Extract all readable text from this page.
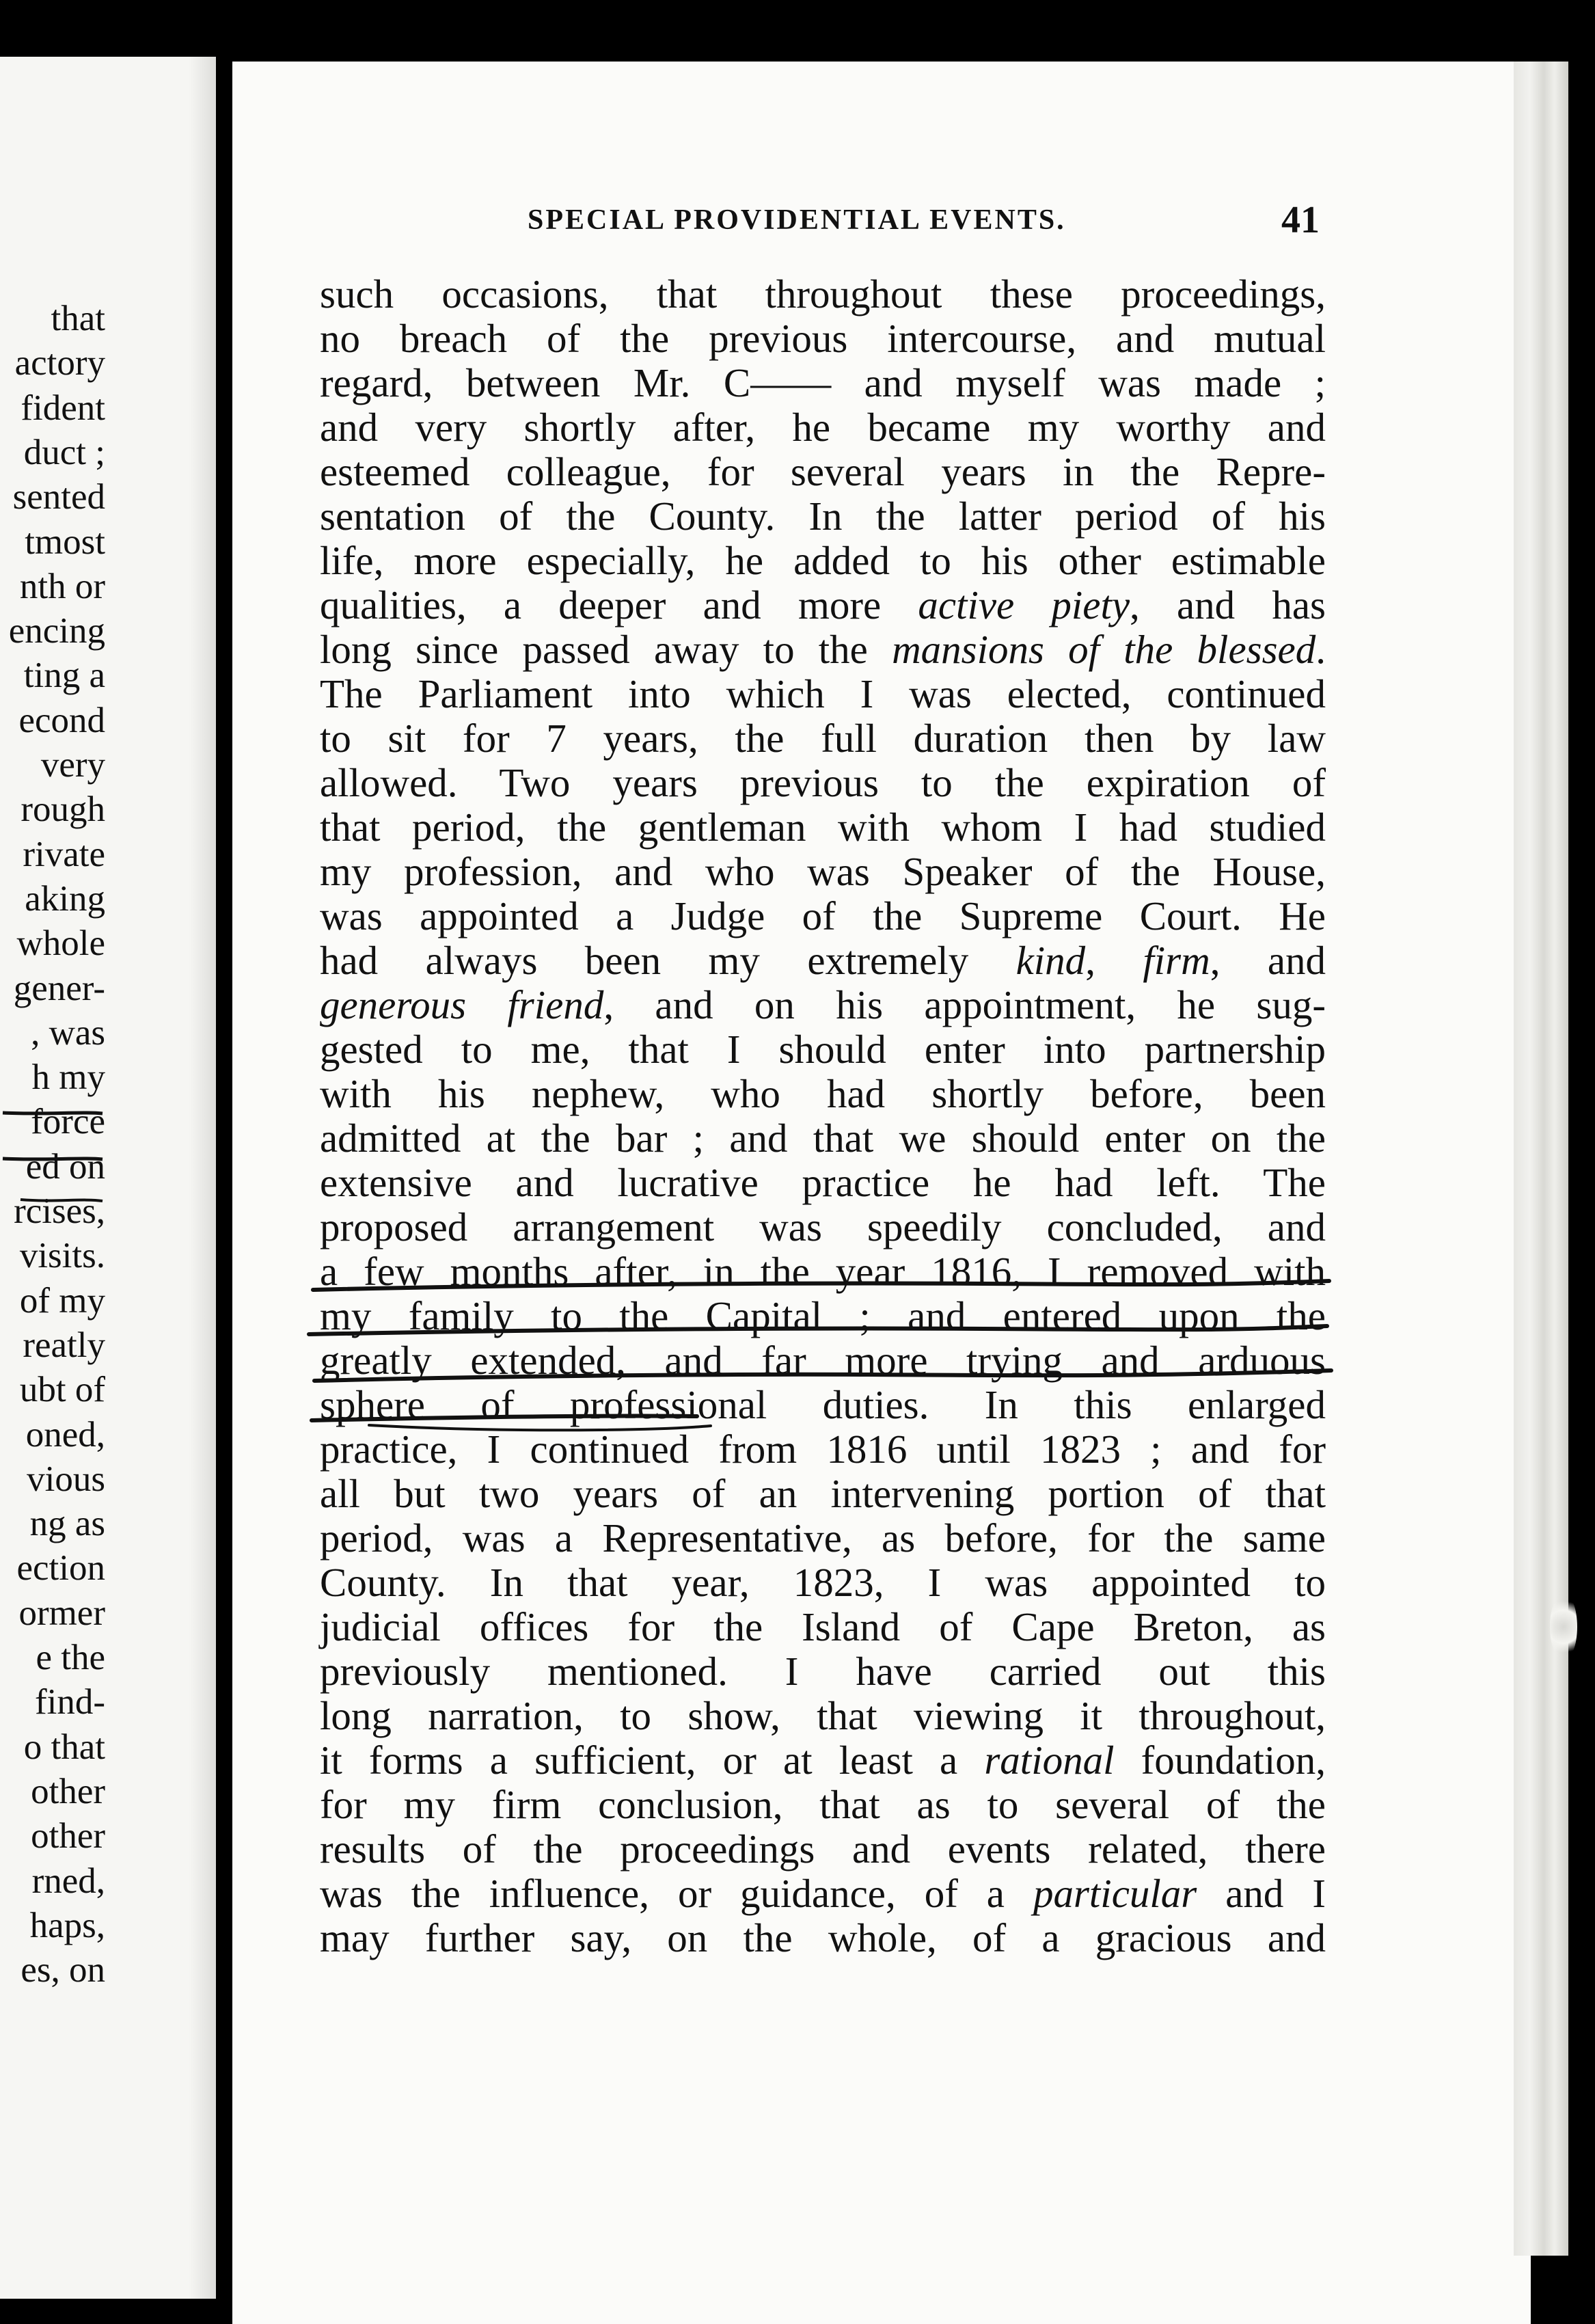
that
actory
fident
duct ;
sented
tmost
nth or
encing
ting a
econd
very
rough
rivate
aking
whole
gener-
, was
h my
force
ed on
rcises,
visits.
of my
reatly
ubt of
oned,
vious
ng as
ection
ormer
e the
find-
o that
other
other
rned,
haps,
es, on
SPECIAL PROVIDENTIAL EVENTS.	41
such occasions, that throughout these proceedings,
no breach of the previous intercourse, and mutual
regard, between Mr. C—— and myself was made ;
and very shortly after, he became my worthy and
esteemed colleague, for several years in the Repre-
sentation of the County. In the latter period of his
life, more especially, he added to his other estimable
qualities, a deeper and more active piety, and has
long since passed away to the mansions of the blessed.
The Parliament into which I was elected, continued
to sit for 7 years, the full duration then by law
allowed. Two years previous to the expiration of
that period, the gentleman with whom I had studied
my profession, and who was Speaker of the House,
was appointed a Judge of the Supreme Court. He
had always been my extremely kind, firm, and
generous friend, and on his appointment, he sug-
gested to me, that I should enter into partnership
with his nephew, who had shortly before, been
admitted at the bar ; and that we should enter on the
extensive and lucrative practice he had left. The
proposed arrangement was speedily concluded, and
a few months after, in the year 1816, I removed with
my family to the Capital ; and entered upon the
greatly extended, and far more trying and arduous
sphere of professional duties. In this enlarged
practice, I continued from 1816 until 1823 ; and for
all but two years of an intervening portion of that
period, was a Representative, as before, for the same
County. In that year, 1823, I was appointed to
judicial offices for the Island of Cape Breton, as
previously mentioned. I have carried out this
long narration, to show, that viewing it throughout,
it forms a sufficient, or at least a rational foundation,
for my firm conclusion, that as to several of the
results of the proceedings and events related, there
was the influence, or guidance, of a particular and I
may further say, on the whole, of a gracious and
